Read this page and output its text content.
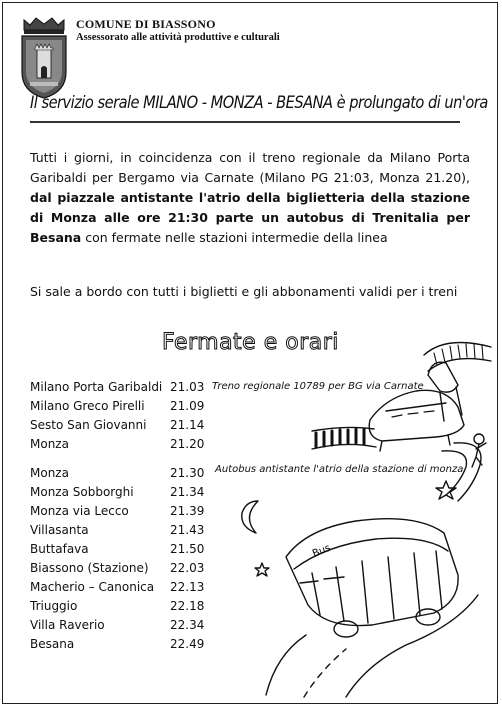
COMUNE DI BIASSONO
Assessorato alle attività produttive e culturali
Il servizio serale MILANO - MONZA - BESANA è prolungato di un'ora
Tutti i giorni, in coincidenza con il treno regionale da Milano Porta Garibaldi per Bergamo via Carnate (Milano PG 21:03, Monza 21.20), dal piazzale antistante l'atrio della biglietteria della stazione di Monza alle ore 21:30 parte un autobus di Trenitalia per Besana con fermate nelle stazioni intermedie della linea
Si sale a bordo con tutti i biglietti e gli abbonamenti validi per i treni
Fermate e orari
Bus
Treno regionale 10789 per BG via Carnate
Autobus antistante l'atrio della stazione di monza
Milano Porta Garibaldi 21.03
Milano Greco Pirelli 21.09
Sesto San Giovanni 21.14
Monza	21.20
Monza	21.30
Monza Sobborghi	21.34
Monza via Lecco	21.39
Villasanta	21.43
Buttafava	21.50
Biassono (Stazione) 22.03
Macherio – Canonica 22.13
Triuggio	22.18
Villa Raverio	22.34
Besana	22.49
